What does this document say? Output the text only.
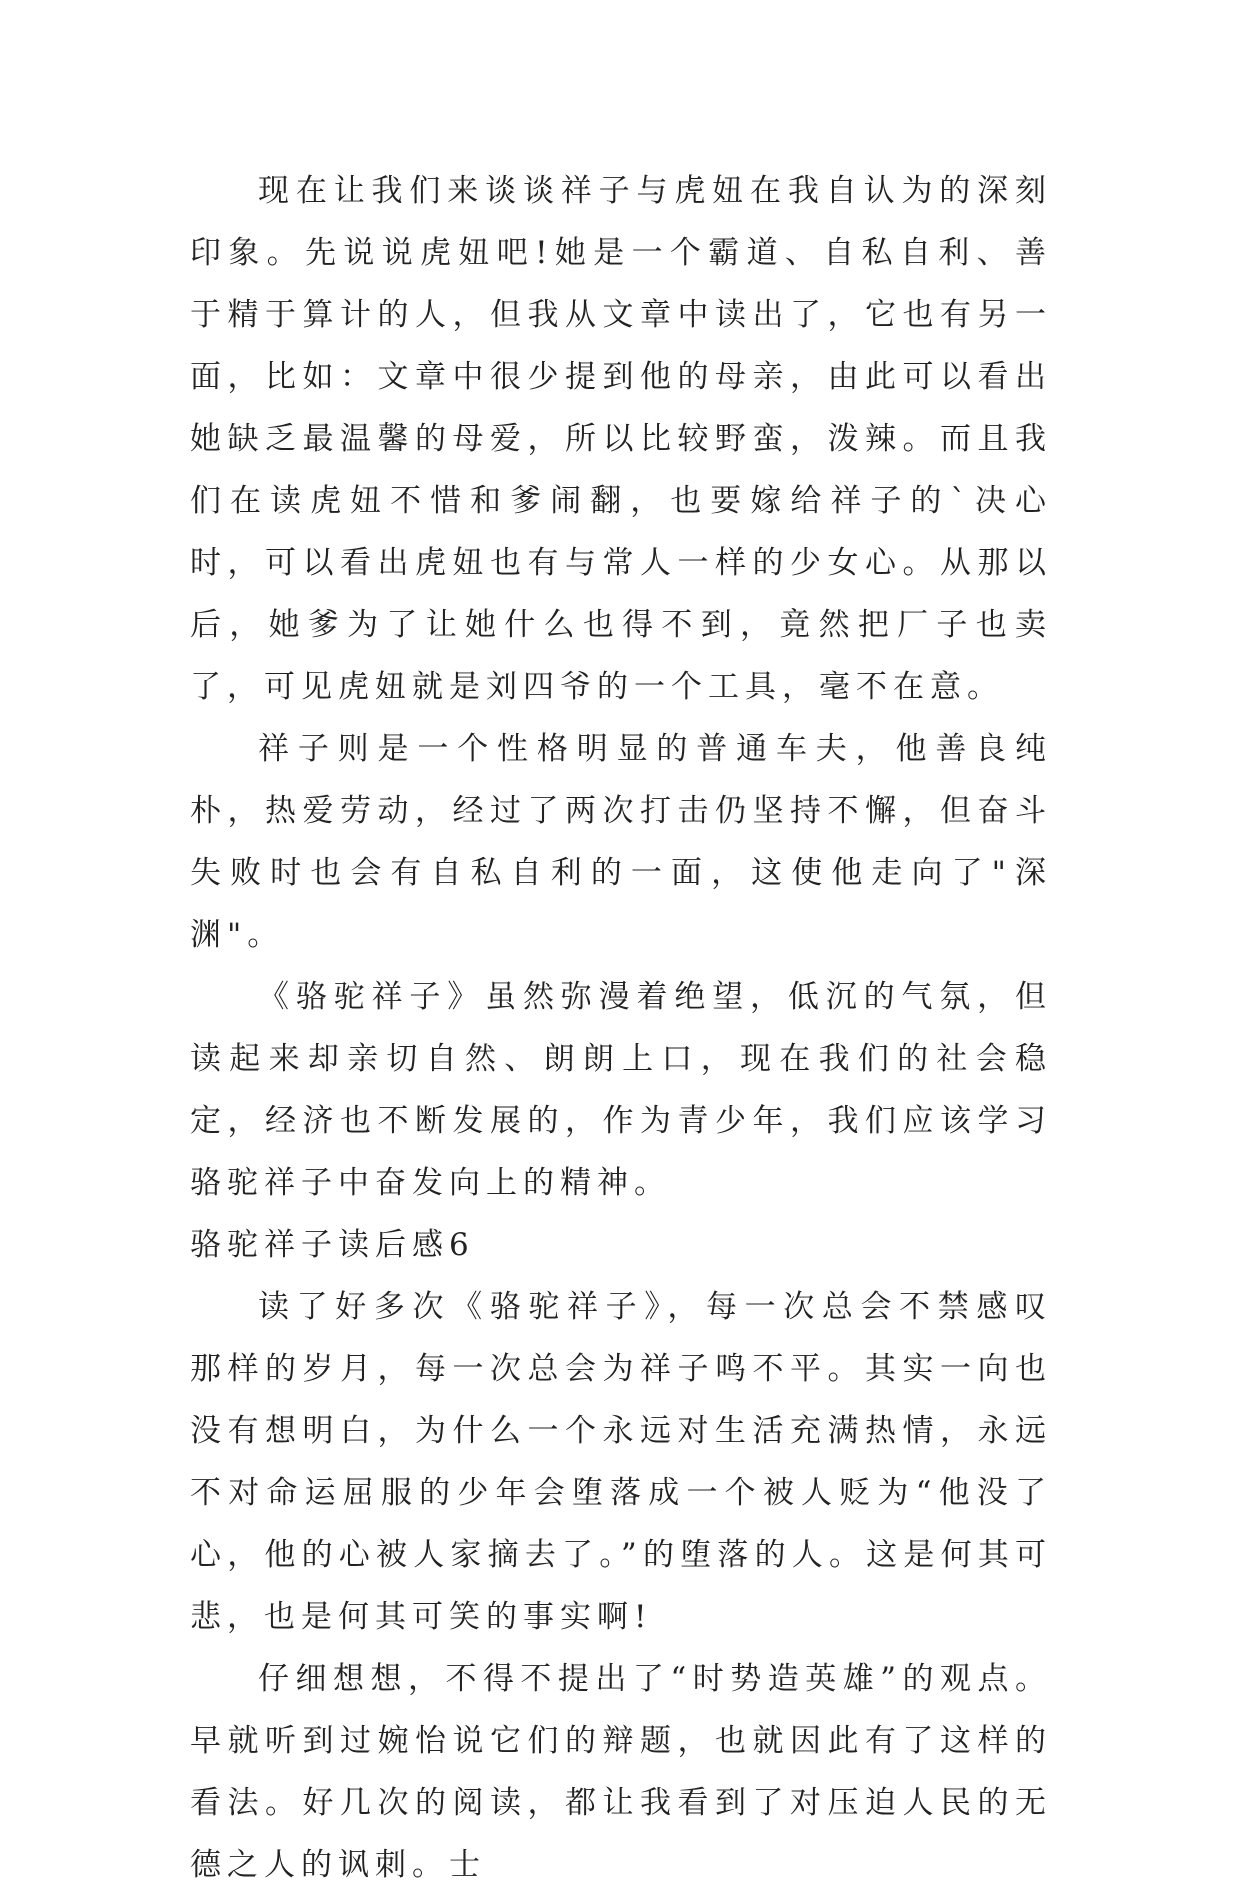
现在让我们来谈谈祥子与虎妞在我自认为的深刻印象。先说说虎妞吧!她是一个霸道、自私自利、善于精于算计的人，但我从文章中读出了，它也有另一面，比如：文章中很少提到他的母亲，由此可以看出她缺乏最温馨的母爱，所以比较野蛮，泼辣。而且我们在读虎妞不惜和爹闹翻，也要嫁给祥子的`决心时，可以看出虎妞也有与常人一样的少女心。从那以后，她爹为了让她什么也得不到，竟然把厂子也卖了，可见虎妞就是刘四爷的一个工具，毫不在意。

祥子则是一个性格明显的普通车夫，他善良纯朴，热爱劳动，经过了两次打击仍坚持不懈，但奋斗失败时也会有自私自利的一面，这使他走向了"深渊"。

《骆驼祥子》虽然弥漫着绝望，低沉的气氛，但读起来却亲切自然、朗朗上口，现在我们的社会稳定，经济也不断发展的，作为青少年，我们应该学习骆驼祥子中奋发向上的精神。

骆驼祥子读后感6

读了好多次《骆驼祥子》，每一次总会不禁感叹那样的岁月，每一次总会为祥子鸣不平。其实一向也没有想明白，为什么一个永远对生活充满热情，永远不对命运屈服的少年会堕落成一个被人贬为“他没了心，他的心被人家摘去了。”的堕落的人。这是何其可悲，也是何其可笑的事实啊!

仔细想想，不得不提出了“时势造英雄”的观点。早就听到过婉怡说它们的辩题，也就因此有了这样的看法。好几次的阅读，都让我看到了对压迫人民的无德之人的讽刺。士
